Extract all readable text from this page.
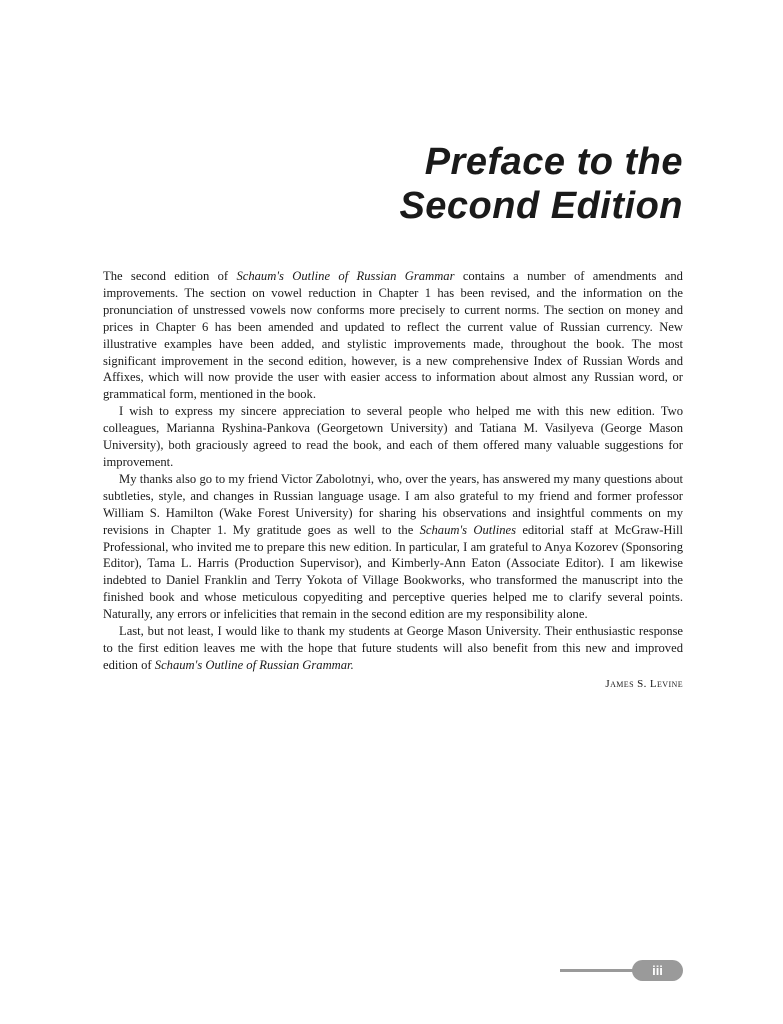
Preface to the
Second Edition

The second edition of Schaum's Outline of Russian Grammar contains a number of amendments and improvements. The section on vowel reduction in Chapter 1 has been revised, and the information on the pronunciation of unstressed vowels now conforms more precisely to current norms. The section on money and prices in Chapter 6 has been amended and updated to reflect the current value of Russian currency. New illustrative examples have been added, and stylistic improvements made, throughout the book. The most significant improvement in the second edition, however, is a new comprehensive Index of Russian Words and Affixes, which will now provide the user with easier access to information about almost any Russian word, or grammatical form, mentioned in the book.

I wish to express my sincere appreciation to several people who helped me with this new edition. Two colleagues, Marianna Ryshina-Pankova (Georgetown University) and Tatiana M. Vasilyeva (George Mason University), both graciously agreed to read the book, and each of them offered many valuable suggestions for improvement.

My thanks also go to my friend Victor Zabolotnyi, who, over the years, has answered my many questions about subtleties, style, and changes in Russian language usage. I am also grateful to my friend and former professor William S. Hamilton (Wake Forest University) for sharing his observations and insightful comments on my revisions in Chapter 1. My gratitude goes as well to the Schaum's Outlines editorial staff at McGraw-Hill Professional, who invited me to prepare this new edition. In particular, I am grateful to Anya Kozorev (Sponsoring Editor), Tama L. Harris (Production Supervisor), and Kimberly-Ann Eaton (Associate Editor). I am likewise indebted to Daniel Franklin and Terry Yokota of Village Bookworks, who transformed the manuscript into the finished book and whose meticulous copyediting and perceptive queries helped me to clarify several points. Naturally, any errors or infelicities that remain in the second edition are my responsibility alone.

Last, but not least, I would like to thank my students at George Mason University. Their enthusiastic response to the first edition leaves me with the hope that future students will also benefit from this new and improved edition of Schaum's Outline of Russian Grammar.

James S. Levine
iii
